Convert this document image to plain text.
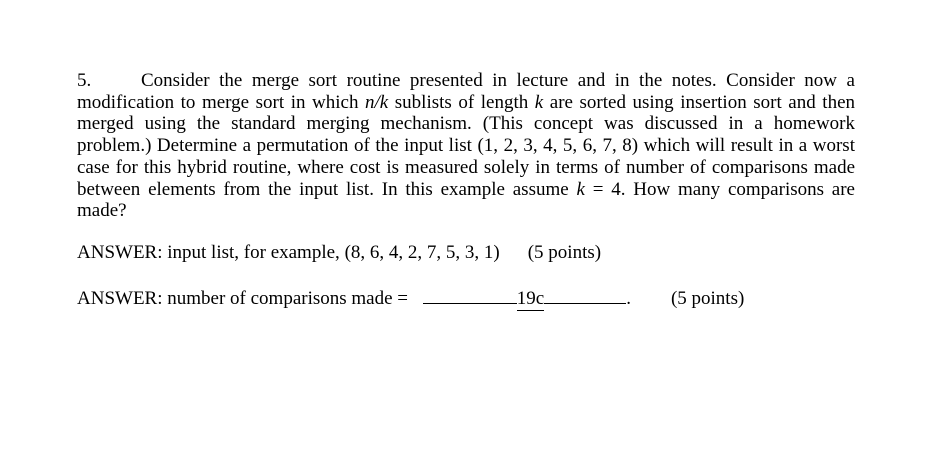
5.	Consider the merge sort routine presented in lecture and in the notes. Consider now a modification to merge sort in which n/k sublists of length k are sorted using insertion sort and then merged using the standard merging mechanism. (This concept was discussed in a homework problem.) Determine a permutation of the input list (1, 2, 3, 4, 5, 6, 7, 8) which will result in a worst case for this hybrid routine, where cost is measured solely in terms of number of comparisons made between elements from the input list. In this example assume k = 4. How many comparisons are made?
ANSWER: input list, for example, (8, 6, 4, 2, 7, 5, 3, 1) (5 points)
ANSWER: number of comparisons made =	19c	. (5 points)
